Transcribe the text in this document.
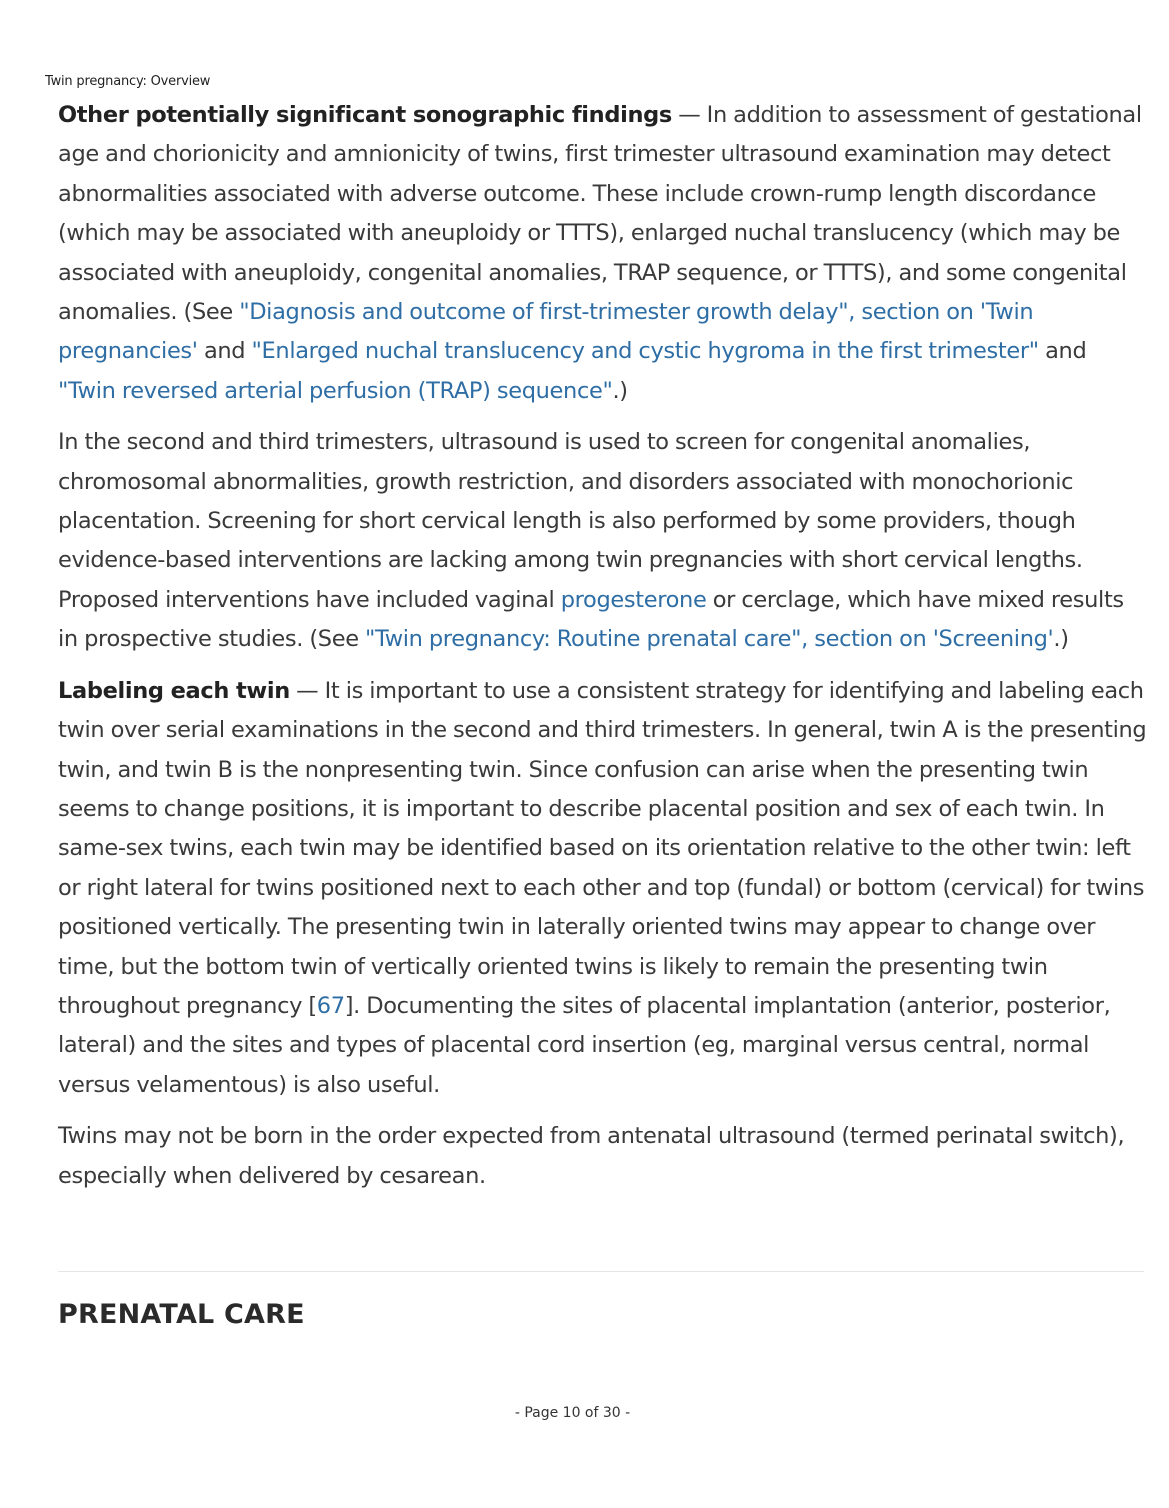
Twin pregnancy: Overview

Other potentially significant sonographic findings — In addition to assessment of gestational age and chorionicity and amnionicity of twins, first trimester ultrasound examination may detect abnormalities associated with adverse outcome. These include crown-rump length discordance (which may be associated with aneuploidy or TTTS), enlarged nuchal translucency (which may be associated with aneuploidy, congenital anomalies, TRAP sequence, or TTTS), and some congenital anomalies. (See "Diagnosis and outcome of first-trimester growth delay", section on 'Twin pregnancies' and "Enlarged nuchal translucency and cystic hygroma in the first trimester" and "Twin reversed arterial perfusion (TRAP) sequence".)

In the second and third trimesters, ultrasound is used to screen for congenital anomalies, chromosomal abnormalities, growth restriction, and disorders associated with monochorionic placentation. Screening for short cervical length is also performed by some providers, though evidence-based interventions are lacking among twin pregnancies with short cervical lengths. Proposed interventions have included vaginal progesterone or cerclage, which have mixed results in prospective studies. (See "Twin pregnancy: Routine prenatal care", section on 'Screening'.)

Labeling each twin — It is important to use a consistent strategy for identifying and labeling each twin over serial examinations in the second and third trimesters. In general, twin A is the presenting twin, and twin B is the nonpresenting twin. Since confusion can arise when the presenting twin seems to change positions, it is important to describe placental position and sex of each twin. In same-sex twins, each twin may be identified based on its orientation relative to the other twin: left or right lateral for twins positioned next to each other and top (fundal) or bottom (cervical) for twins positioned vertically. The presenting twin in laterally oriented twins may appear to change over time, but the bottom twin of vertically oriented twins is likely to remain the presenting twin throughout pregnancy [67]. Documenting the sites of placental implantation (anterior, posterior, lateral) and the sites and types of placental cord insertion (eg, marginal versus central, normal versus velamentous) is also useful.

Twins may not be born in the order expected from antenatal ultrasound (termed perinatal switch), especially when delivered by cesarean.

PRENATAL CARE
- Page 10 of 30 -
